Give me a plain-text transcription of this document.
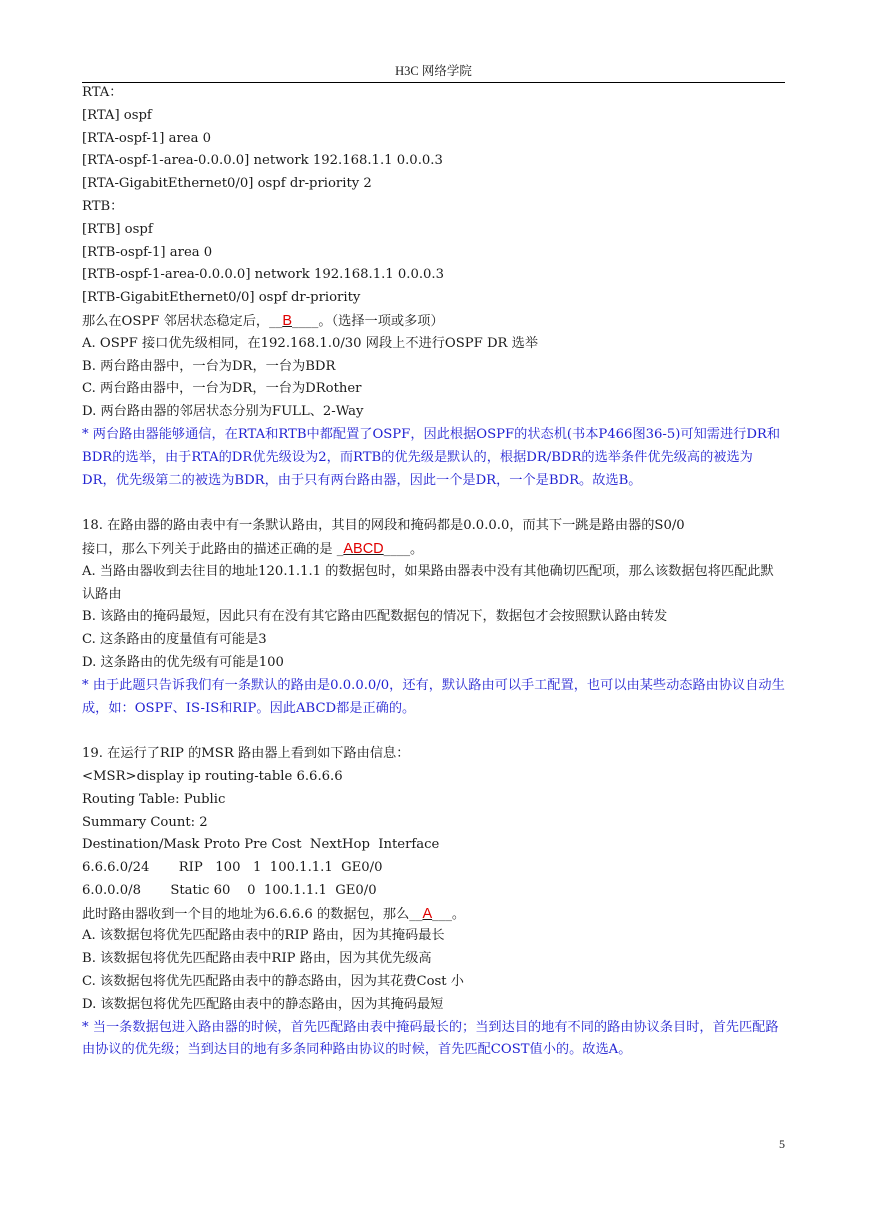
H3C 网络学院
RTA：
[RTA] ospf
[RTA-ospf-1] area 0
[RTA-ospf-1-area-0.0.0.0] network 192.168.1.1 0.0.0.3
[RTA-GigabitEthernet0/0] ospf dr-priority 2
RTB：
[RTB] ospf
[RTB-ospf-1] area 0
[RTB-ospf-1-area-0.0.0.0] network 192.168.1.1 0.0.0.3
[RTB-GigabitEthernet0/0] ospf dr-priority
那么在OSPF 邻居状态稳定后，__B____。（选择一项或多项）
A. OSPF 接口优先级相同，在192.168.1.0/30 网段上不进行OSPF DR 选举
B. 两台路由器中，一台为DR，一台为BDR
C. 两台路由器中，一台为DR，一台为DRother
D. 两台路由器的邻居状态分别为FULL、2-Way
* 两台路由器能够通信，在RTA和RTB中都配置了OSPF，因此根据OSPF的状态机(书本P466图36-5)可知需进行DR和BDR的选举，由于RTA的DR优先级设为2，而RTB的优先级是默认的，根据DR/BDR的选举条件优先级高的被选为DR，优先级第二的被选为BDR，由于只有两台路由器，因此一个是DR，一个是BDR。故选B。
18. 在路由器的路由表中有一条默认路由，其目的网段和掩码都是0.0.0.0，而其下一跳是路由器的S0/0
接口，那么下列关于此路由的描述正确的是 _ABCD____。
A. 当路由器收到去往目的地址120.1.1.1 的数据包时，如果路由器表中没有其他确切匹配项，那么该数据包将匹配此默认路由
B. 该路由的掩码最短，因此只有在没有其它路由匹配数据包的情况下，数据包才会按照默认路由转发
C. 这条路由的度量值有可能是3
D. 这条路由的优先级有可能是100
* 由于此题只告诉我们有一条默认的路由是0.0.0.0/0，还有，默认路由可以手工配置，也可以由某些动态路由协议自动生成，如：OSPF、IS-IS和RIP。因此ABCD都是正确的。
19. 在运行了RIP 的MSR 路由器上看到如下路由信息：
<MSR>display ip routing-table 6.6.6.6
Routing Table: Public
Summary Count: 2
Destination/Mask Proto Pre Cost  NextHop  Interface
6.6.6.0/24       RIP   100   1  100.1.1.1  GE0/0
6.0.0.0/8       Static 60    0  100.1.1.1  GE0/0
此时路由器收到一个目的地址为6.6.6.6 的数据包，那么__A___。
A. 该数据包将优先匹配路由表中的RIP 路由，因为其掩码最长
B. 该数据包将优先匹配路由表中RIP 路由，因为其优先级高
C. 该数据包将优先匹配路由表中的静态路由，因为其花费Cost 小
D. 该数据包将优先匹配路由表中的静态路由，因为其掩码最短
* 当一条数据包进入路由器的时候，首先匹配路由表中掩码最长的；当到达目的地有不同的路由协议条目时，首先匹配路由协议的优先级；当到达目的地有多条同种路由协议的时候，首先匹配COST值小的。故选A。
5
